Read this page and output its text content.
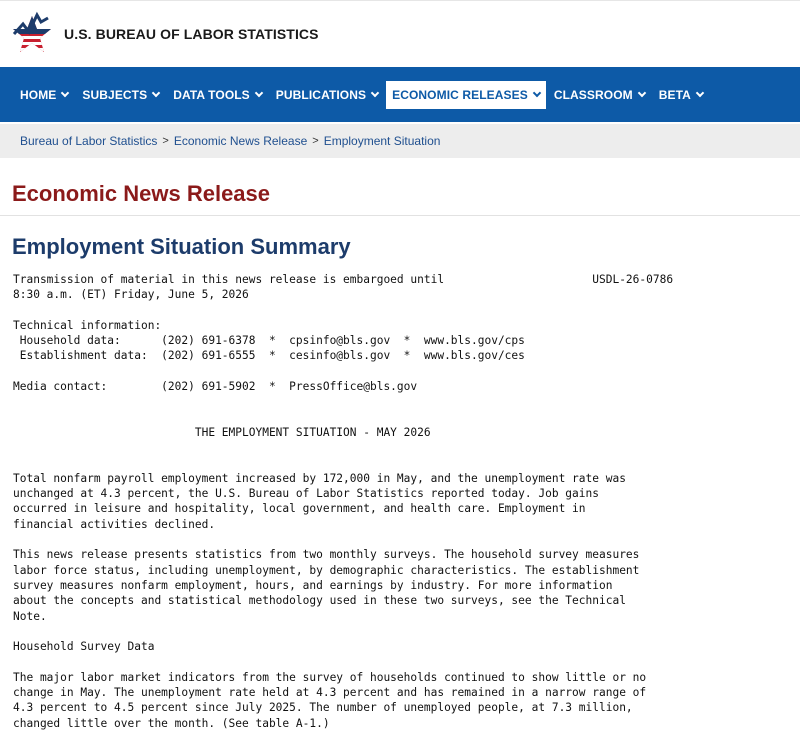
U.S. BUREAU OF LABOR STATISTICS
HOME SUBJECTS DATA TOOLS PUBLICATIONS ECONOMIC RELEASES CLASSROOM BETA
Bureau of Labor Statistics > Economic News Release > Employment Situation
Economic News Release
Employment Situation Summary
Transmission of material in this news release is embargoed until                      USDL-26-0786
8:30 a.m. (ET) Friday, June 5, 2026

Technical information:
Household data:      (202) 691-6378  *  cpsinfo@bls.gov  *  www.bls.gov/cps
Establishment data:  (202) 691-6555  *  cesinfo@bls.gov  *  www.bls.gov/ces

Media contact:        (202) 691-5902  *  PressOffice@bls.gov

THE EMPLOYMENT SITUATION - MAY 2026

Total nonfarm payroll employment increased by 172,000 in May, and the unemployment rate was
unchanged at 4.3 percent, the U.S. Bureau of Labor Statistics reported today. Job gains
occurred in leisure and hospitality, local government, and health care. Employment in
financial activities declined.

This news release presents statistics from two monthly surveys. The household survey measures
labor force status, including unemployment, by demographic characteristics. The establishment
survey measures nonfarm employment, hours, and earnings by industry. For more information
about the concepts and statistical methodology used in these two surveys, see the Technical
Note.

Household Survey Data

The major labor market indicators from the survey of households continued to show little or no
change in May. The unemployment rate held at 4.3 percent and has remained in a narrow range of
4.3 percent to 4.5 percent since July 2025. The number of unemployed people, at 7.3 million,
changed little over the month. (See table A-1.)
